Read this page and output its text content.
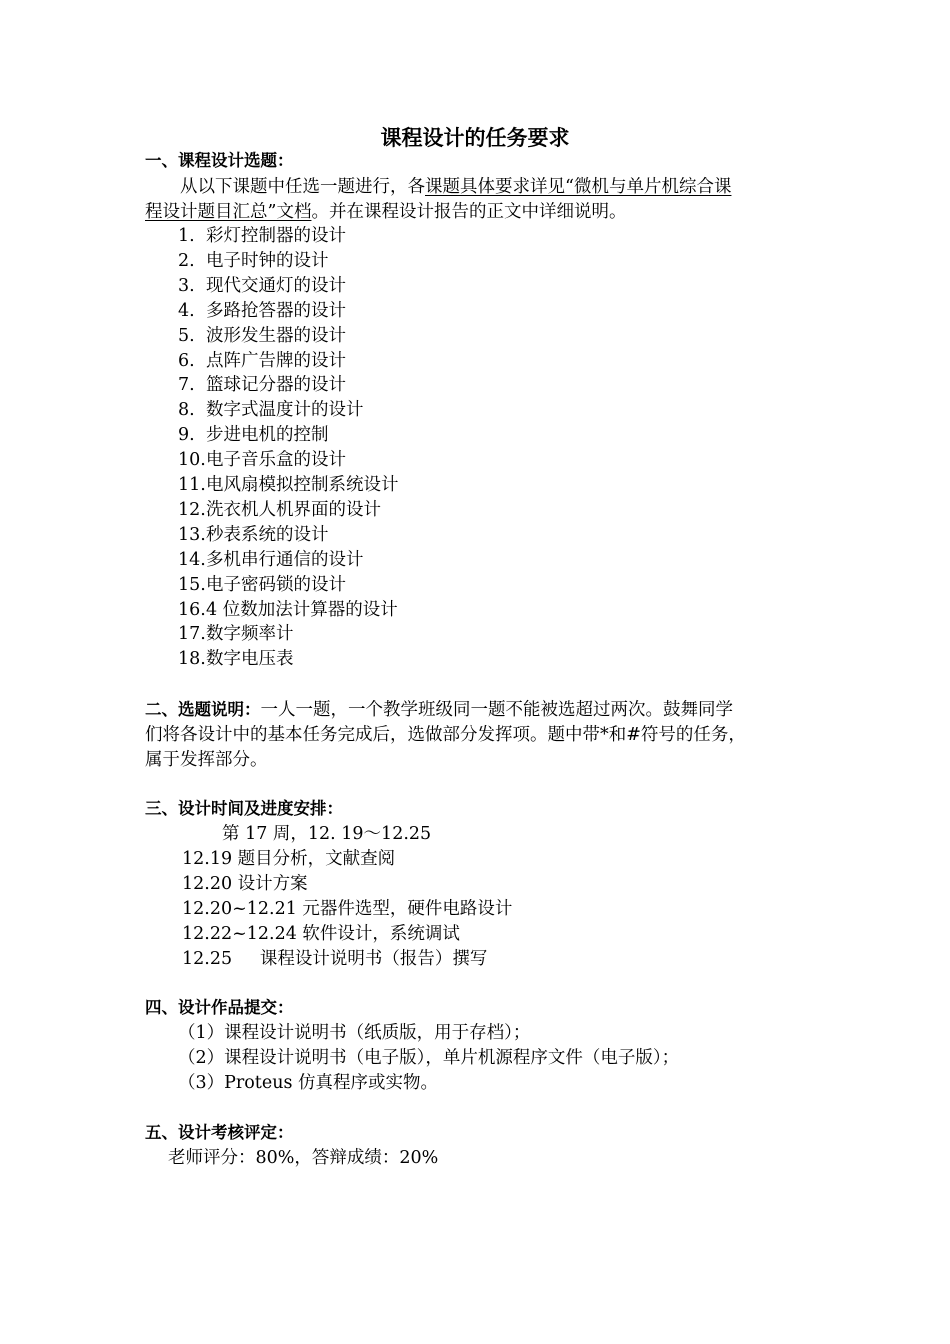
课程设计的任务要求
一、课程设计选题：
从以下课题中任选一题进行，各课题具体要求详见“微机与单片机综合课
程设计题目汇总”文档。并在课程设计报告的正文中详细说明。
1. 彩灯控制器的设计
2. 电子时钟的设计
3. 现代交通灯的设计
4. 多路抢答器的设计
5. 波形发生器的设计
6. 点阵广告牌的设计
7. 篮球记分器的设计
8. 数字式温度计的设计
9. 步进电机的控制
10.电子音乐盒的设计
11.电风扇模拟控制系统设计
12.洗衣机人机界面的设计
13.秒表系统的设计
14.多机串行通信的设计
15.电子密码锁的设计
16.4 位数加法计算器的设计
17.数字频率计
18.数字电压表
二、选题说明：一人一题，一个教学班级同一题不能被选超过两次。鼓舞同学
们将各设计中的基本任务完成后，选做部分发挥项。题中带*和#符号的任务，
属于发挥部分。
三、设计时间及进度安排：
第 17 周，12. 19～12.25
12.19 题目分析，文献查阅
12.20 设计方案
12.20~12.21 元器件选型，硬件电路设计
12.22~12.24 软件设计，系统调试
12.25     课程设计说明书（报告）撰写
四、设计作品提交：
（1）课程设计说明书（纸质版，用于存档）；
（2）课程设计说明书（电子版），单片机源程序文件（电子版）；
（3）Proteus 仿真程序或实物。
五、设计考核评定：
老师评分：80%，答辩成绩：20%
